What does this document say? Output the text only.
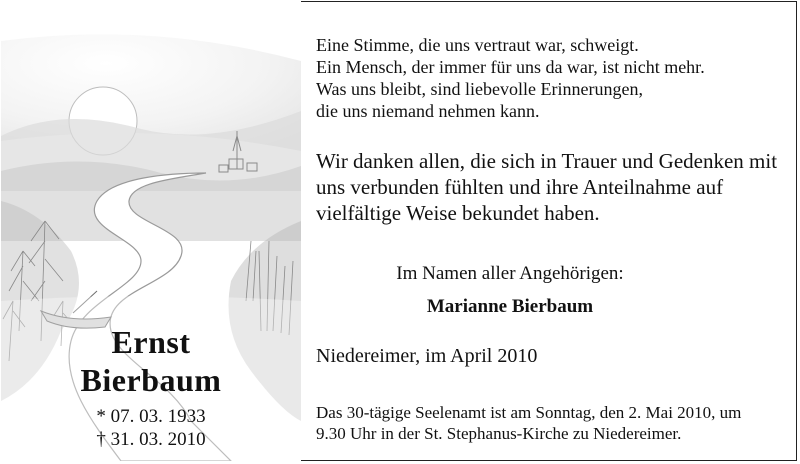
Ernst
Bierbaum
* 07. 03. 1933
† 31. 03. 2010
Eine Stimme, die uns vertraut war, schweigt.
Ein Mensch, der immer für uns da war, ist nicht mehr.
Was uns bleibt, sind liebevolle Erinnerungen,
die uns niemand nehmen kann.
Wir danken allen, die sich in Trauer und Gedenken mit
uns verbunden fühlten und ihre Anteilnahme auf
vielfältige Weise bekundet haben.
Im Namen aller Angehörigen:
Marianne Bierbaum
Niedereimer, im April 2010
Das 30-tägige Seelenamt ist am Sonntag, den 2. Mai 2010, um
9.30 Uhr in der St. Stephanus-Kirche zu Niedereimer.
